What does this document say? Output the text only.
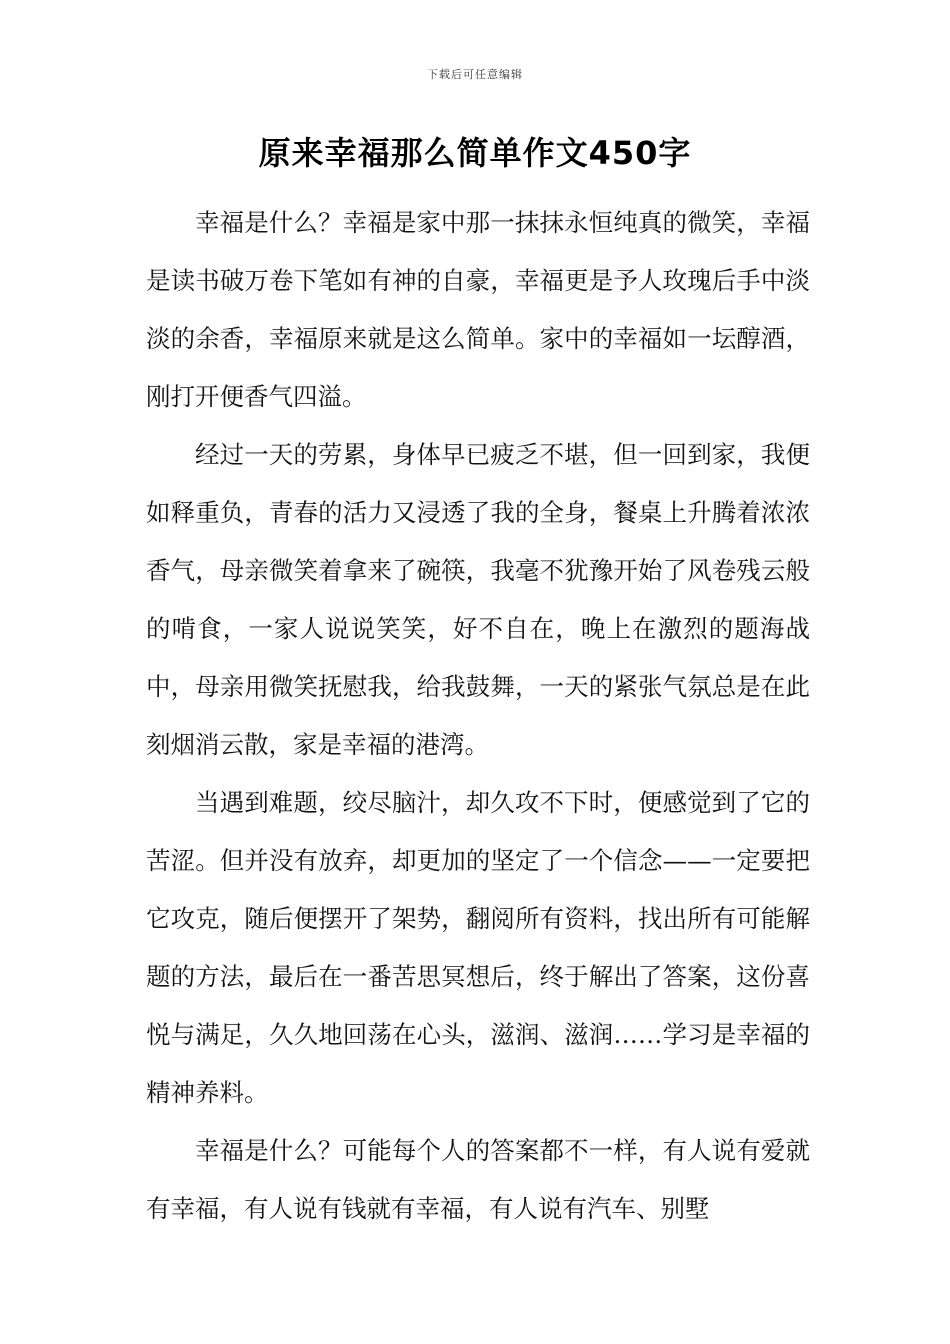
下载后可任意编辑
原来幸福那么简单作文450字

幸福是什么？幸福是家中那一抹抹永恒纯真的微笑，幸福是读书破万卷下笔如有神的自豪，幸福更是予人玫瑰后手中淡淡的余香，幸福原来就是这么简单。家中的幸福如一坛醇酒，刚打开便香气四溢。

经过一天的劳累，身体早已疲乏不堪，但一回到家，我便如释重负，青春的活力又浸透了我的全身，餐桌上升腾着浓浓香气，母亲微笑着拿来了碗筷，我毫不犹豫开始了风卷残云般的啃食，一家人说说笑笑，好不自在，晚上在激烈的题海战中，母亲用微笑抚慰我，给我鼓舞，一天的紧张气氛总是在此刻烟消云散，家是幸福的港湾。

当遇到难题，绞尽脑汁，却久攻不下时，便感觉到了它的苦涩。但并没有放弃，却更加的坚定了一个信念——一定要把它攻克，随后便摆开了架势，翻阅所有资料，找出所有可能解题的方法，最后在一番苦思冥想后，终于解出了答案，这份喜悦与满足，久久地回荡在心头，滋润、滋润……学习是幸福的精神养料。

幸福是什么？可能每个人的答案都不一样，有人说有爱就有幸福，有人说有钱就有幸福，有人说有汽车、别墅
